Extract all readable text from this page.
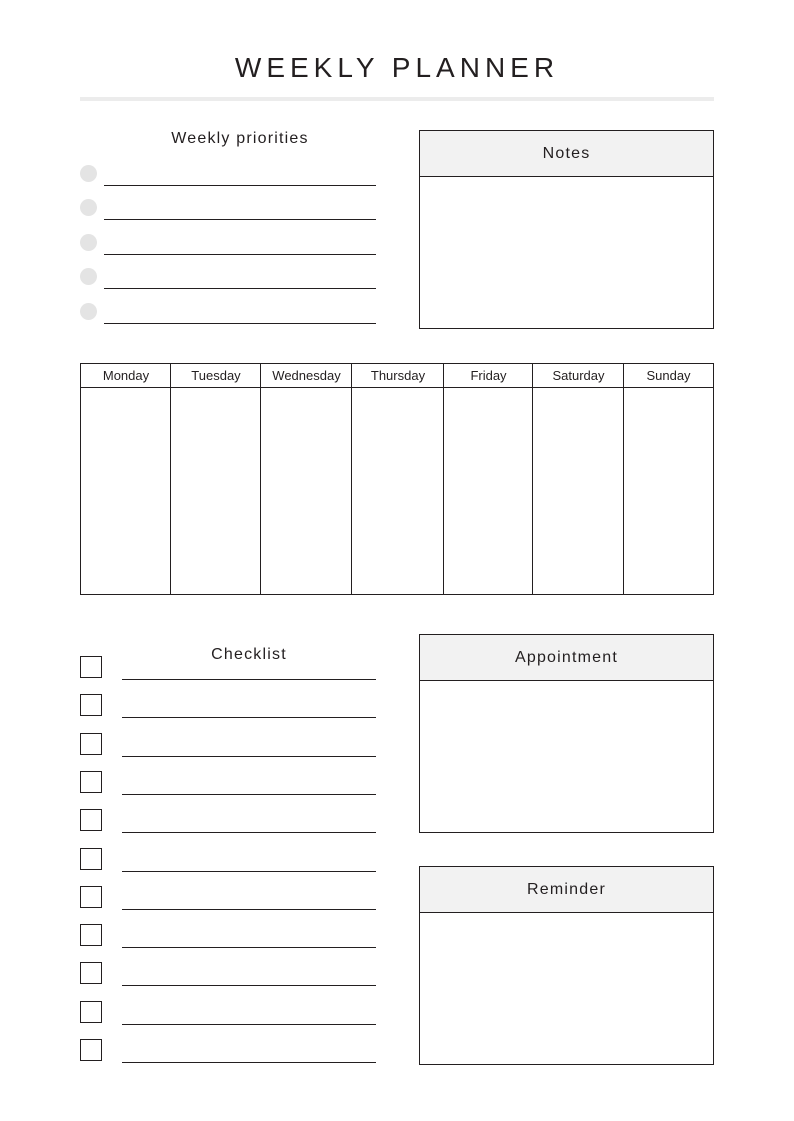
WEEKLY PLANNER
Weekly priorities
Notes
Monday	Tuesday	Wednesday	Thursday	Friday	Saturday	Sunday
Checklist	Appointment
Reminder
